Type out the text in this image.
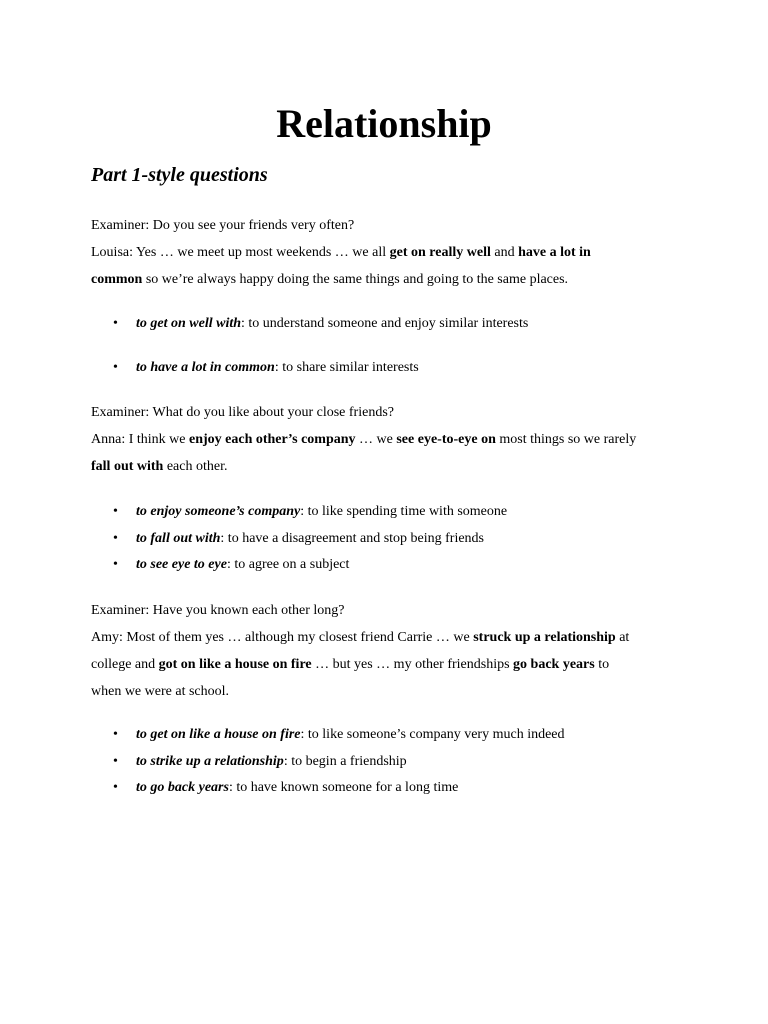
Relationship
Part 1-style questions

Examiner: Do you see your friends very often?

Louisa: Yes … we meet up most weekends … we all get on really well and have a lot in
common so we’re always happy doing the same things and going to the same places.

• to get on well with: to understand someone and enjoy similar interests
• to have a lot in common: to share similar interests

Examiner: What do you like about your close friends?

Anna: I think we enjoy each other’s company … we see eye-to-eye on most things so we rarely
fall out with each other.

• to enjoy someone’s company: to like spending time with someone
• to fall out with: to have a disagreement and stop being friends
• to see eye to eye: to agree on a subject

Examiner: Have you known each other long?

Amy: Most of them yes … although my closest friend Carrie … we struck up a relationship at
college and got on like a house on fire … but yes … my other friendships go back years to
when we were at school.

• to get on like a house on fire: to like someone’s company very much indeed
• to strike up a relationship: to begin a friendship
• to go back years: to have known someone for a long time
